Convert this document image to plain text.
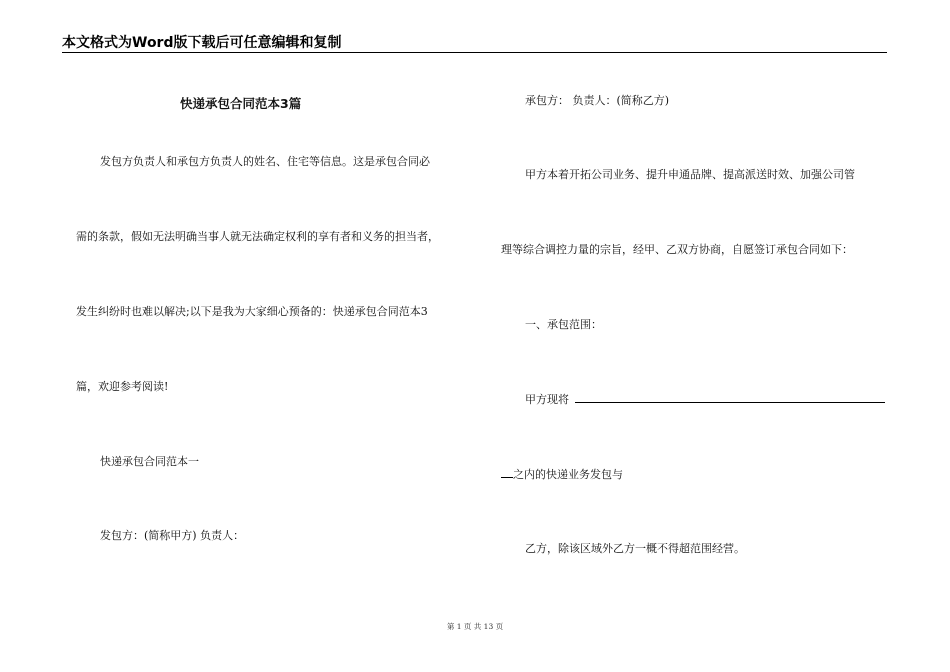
本文格式为Word版下载后可任意编辑和复制
快递承包合同范本3篇
发包方负责人和承包方负责人的姓名、住宅等信息。这是承包合同必
需的条款，假如无法明确当事人就无法确定权利的享有者和义务的担当者，
发生纠纷时也难以解决;以下是我为大家细心预备的：快递承包合同范本3
篇，欢迎参考阅读!
快递承包合同范本一
发包方：(简称甲方) 负责人：
承包方： 负责人：(简称乙方)
甲方本着开拓公司业务、提升申通品牌、提高派送时效、加强公司管
理等综合调控力量的宗旨，经甲、乙双方协商，自愿签订承包合同如下：
一、承包范围：
甲方现将
之内的快递业务发包与
乙方，除该区域外乙方一概不得超范围经营。
第 1 页 共 13 页
